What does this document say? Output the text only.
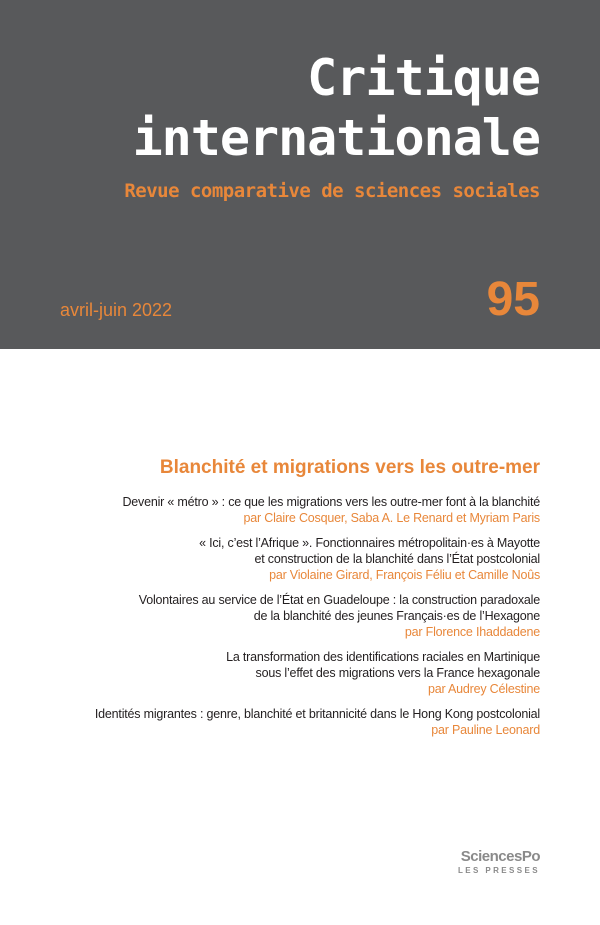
Critique
internationale
Revue comparative de sciences sociales
avril-juin 2022	95
Blanchité et migrations vers les outre-mer
Devenir « métro » : ce que les migrations vers les outre-mer font à la blanchité
par Claire Cosquer, Saba A. Le Renard et Myriam Paris
« Ici, c’est l’Afrique ». Fonctionnaires métropolitain·es à Mayotte
et construction de la blanchité dans l’État postcolonial
par Violaine Girard, François Féliu et Camille Noûs
Volontaires au service de l’État en Guadeloupe : la construction paradoxale
de la blanchité des jeunes Français·es de l’Hexagone
par Florence Ihaddadene
La transformation des identifications raciales en Martinique
sous l’effet des migrations vers la France hexagonale
par Audrey Célestine
Identités migrantes : genre, blanchité et britannicité dans le Hong Kong postcolonial
par Pauline Leonard
SciencesPo
LES PRESSES
